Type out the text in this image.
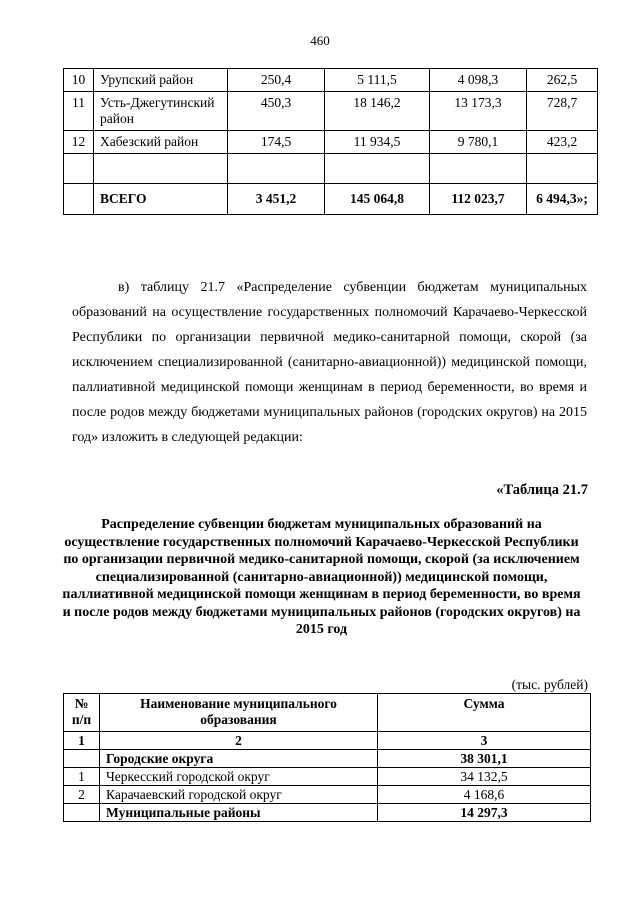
460
10	Урупский район	250,4	5 111,5	4 098,3	262,5
11	Усть-Джегутинский район	450,3	18 146,2	13 173,3	728,7
12	Хабезский район	174,5	11 934,5	9 780,1	423,2

	ВСЕГО	3 451,2	145 064,8	112 023,7	6 494,3»;

в) таблицу 21.7 «Распределение субвенции бюджетам муниципальных образований на осуществление государственных полномочий Карачаево-Черкесской Республики по организации первичной медико-санитарной помощи, скорой (за исключением специализированной (санитарно-авиационной)) медицинской помощи, паллиативной медицинской помощи женщинам в период беременности, во время и после родов между бюджетами муниципальных районов (городских округов) на 2015 год» изложить в следующей редакции:

«Таблица 21.7

Распределение субвенции бюджетам муниципальных образований на осуществление государственных полномочий Карачаево-Черкесской Республики по организации первичной медико-санитарной помощи, скорой (за исключением специализированной (санитарно-авиационной)) медицинской помощи, паллиативной медицинской помощи женщинам в период беременности, во время и после родов между бюджетами муниципальных районов (городских округов) на 2015 год

(тыс. рублей)
№ п/п	Наименование муниципального образования	Сумма
1	2	3
	Городские округа	38 301,1
1	Черкесский городской округ	34 132,5
2	Карачаевский городской округ	4 168,6
	Муниципальные районы	14 297,3
